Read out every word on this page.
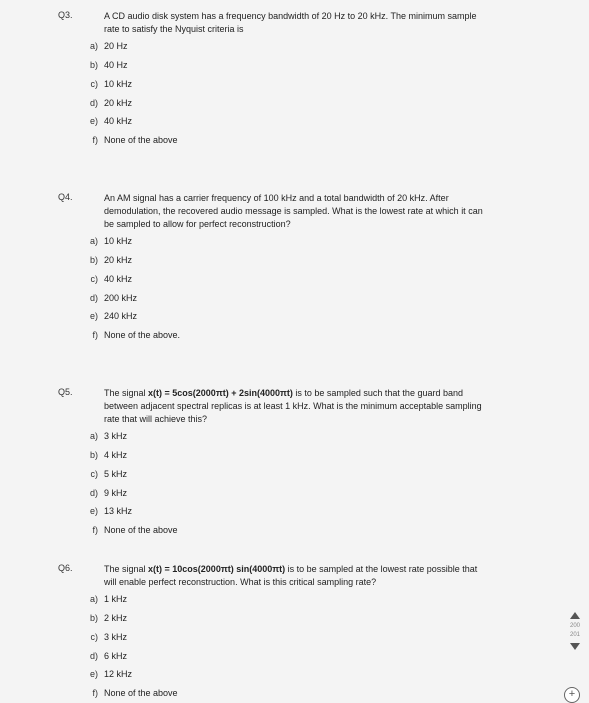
Q3.	A CD audio disk system has a frequency bandwidth of 20 Hz to 20 kHz. The minimum sample
rate to satisfy the Nyquist criteria is
a) 20 Hz
b) 40 Hz
c) 10 kHz
d) 20 kHz
e) 40 kHz
f) None of the above
Q4.	An AM signal has a carrier frequency of 100 kHz and a total bandwidth of 20 kHz. After
demodulation, the recovered audio message is sampled. What is the lowest rate at which it can
be sampled to allow for perfect reconstruction?
a) 10 kHz
b) 20 kHz
c) 40 kHz
d) 200 kHz
e) 240 kHz
f) None of the above.
Q5.	The signal x(t) = 5cos(2000πt) + 2sin(4000πt) is to be sampled such that the guard band
between adjacent spectral replicas is at least 1 kHz. What is the minimum acceptable sampling
rate that will achieve this?
a) 3 kHz
b) 4 kHz
c) 5 kHz
d) 9 kHz
e) 13 kHz
f) None of the above
Q6.	The signal x(t) = 10cos(2000πt) sin(4000πt) is to be sampled at the lowest rate possible that
will enable perfect reconstruction. What is this critical sampling rate?
a) 1 kHz
b) 2 kHz
c) 3 kHz
d) 6 kHz
e) 12 kHz
f) None of the above
200
201
+
